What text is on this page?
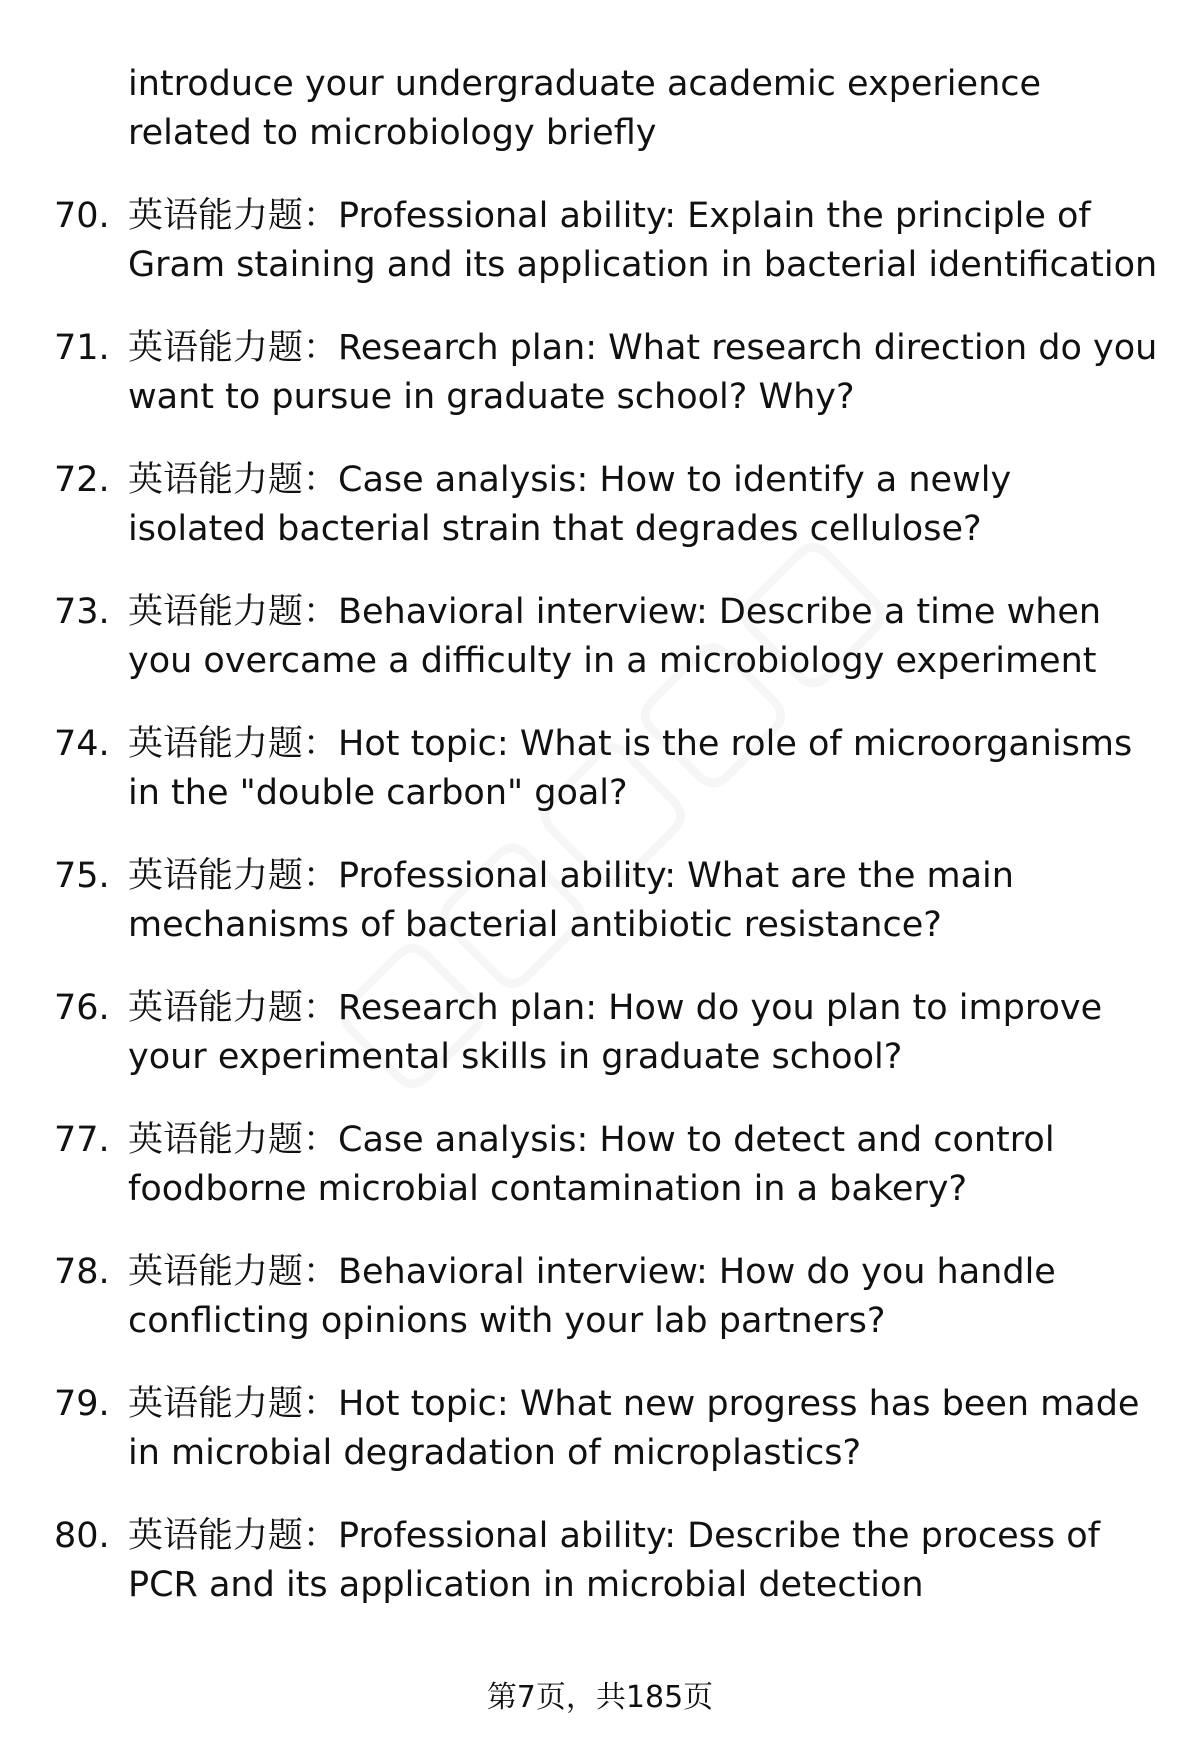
introduce your undergraduate academic experience related to microbiology briefly
70. 英语能力题：Professional ability: Explain the principle of Gram staining and its application in bacterial identification
71. 英语能力题：Research plan: What research direction do you want to pursue in graduate school? Why?
72. 英语能力题：Case analysis: How to identify a newly isolated bacterial strain that degrades cellulose?
73. 英语能力题：Behavioral interview: Describe a time when you overcame a difficulty in a microbiology experiment
74. 英语能力题：Hot topic: What is the role of microorganisms in the "double carbon" goal?
75. 英语能力题：Professional ability: What are the main mechanisms of bacterial antibiotic resistance?
76. 英语能力题：Research plan: How do you plan to improve your experimental skills in graduate school?
77. 英语能力题：Case analysis: How to detect and control foodborne microbial contamination in a bakery?
78. 英语能力题：Behavioral interview: How do you handle conflicting opinions with your lab partners?
79. 英语能力题：Hot topic: What new progress has been made in microbial degradation of microplastics?
80. 英语能力题：Professional ability: Describe the process of PCR and its application in microbial detection
第7页，共185页
